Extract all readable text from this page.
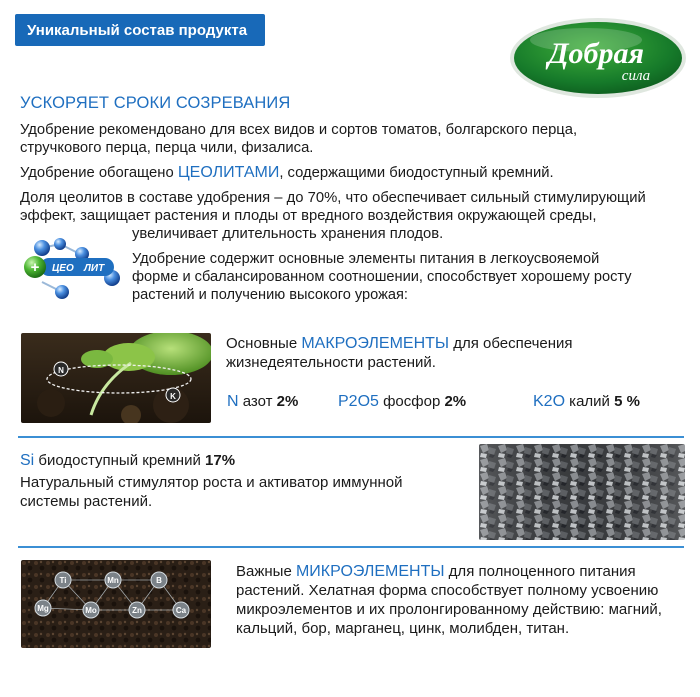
Уникальный состав продукта
Добрая
сила
УСКОРЯЕТ СРОКИ СОЗРЕВАНИЯ
Удобрение рекомендовано для всех видов и сортов томатов, болгарского перца,
стручкового перца, перца чили, физалиса.
Удобрение обогащено ЦЕОЛИТАМИ, содержащими биодоступный кремний.
Доля цеолитов в составе удобрения – до 70%, что обеспечивает сильный стимулирующий
эффект, защищает растения и плоды от вредного воздействия окружающей среды,
увеличивает длительность хранения плодов.
+ ЦЕО ЛИТ
Удобрение содержит основные элементы питания в легкоусвояемой
форме и сбалансированном соотношении, способствует хорошему росту
растений и получению высокого урожая:
N
K
Основные МАКРОЭЛЕМЕНТЫ для обеспечения
жизнедеятельности растений.
N азот 2% P2O5 фосфор 2%	K2O калий 5 %
Si биодоступный кремний 17%
Натуральный стимулятор роста и активатор иммунной
системы растений.
Ti	Mn	B
Mg	Mo	Zn	Ca
Важные МИКРОЭЛЕМЕНТЫ для полноценного питания
растений. Хелатная форма способствует полному усвоению
микроэлементов и их пролонгированному действию: магний,
кальций, бор, марганец, цинк, молибден, титан.
